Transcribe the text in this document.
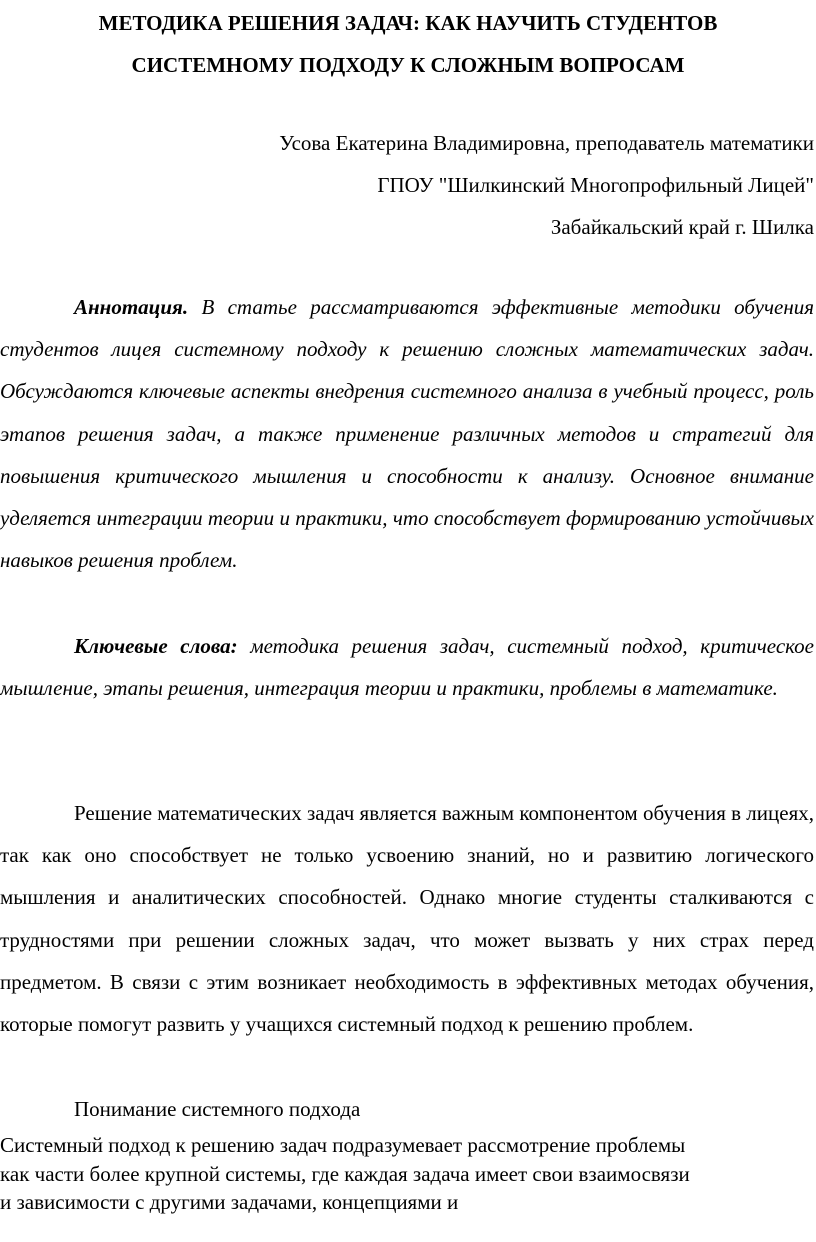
МЕТОДИКА РЕШЕНИЯ ЗАДАЧ: КАК НАУЧИТЬ СТУДЕНТОВ
СИСТЕМНОМУ ПОДХОДУ К СЛОЖНЫМ ВОПРОСАМ
Усова Екатерина Владимировна, преподаватель математики
ГПОУ "Шилкинский Многопрофильный Лицей"
Забайкальский край г. Шилка

Аннотация. В статье рассматриваются эффективные методики обучения студентов лицея системному подходу к решению сложных математических задач. Обсуждаются ключевые аспекты внедрения системного анализа в учебный процесс, роль этапов решения задач, а также применение различных методов и стратегий для повышения критического мышления и способности к анализу. Основное внимание уделяется интеграции теории и практики, что способствует формированию устойчивых навыков решения проблем.

Ключевые слова: методика решения задач, системный подход, критическое мышление, этапы решения, интеграция теории и практики, проблемы в математике.

Решение математических задач является важным компонентом обучения в лицеях, так как оно способствует не только усвоению знаний, но и развитию логического мышления и аналитических способностей. Однако многие студенты сталкиваются с трудностями при решении сложных задач, что может вызвать у них страх перед предметом. В связи с этим возникает необходимость в эффективных методах обучения, которые помогут развить у учащихся системный подход к решению проблем.

Понимание системного подхода

Системный подход к решению задач подразумевает рассмотрение проблемы
как части более крупной системы, где каждая задача имеет свои взаимосвязи
и зависимости с другими задачами, концепциями и
